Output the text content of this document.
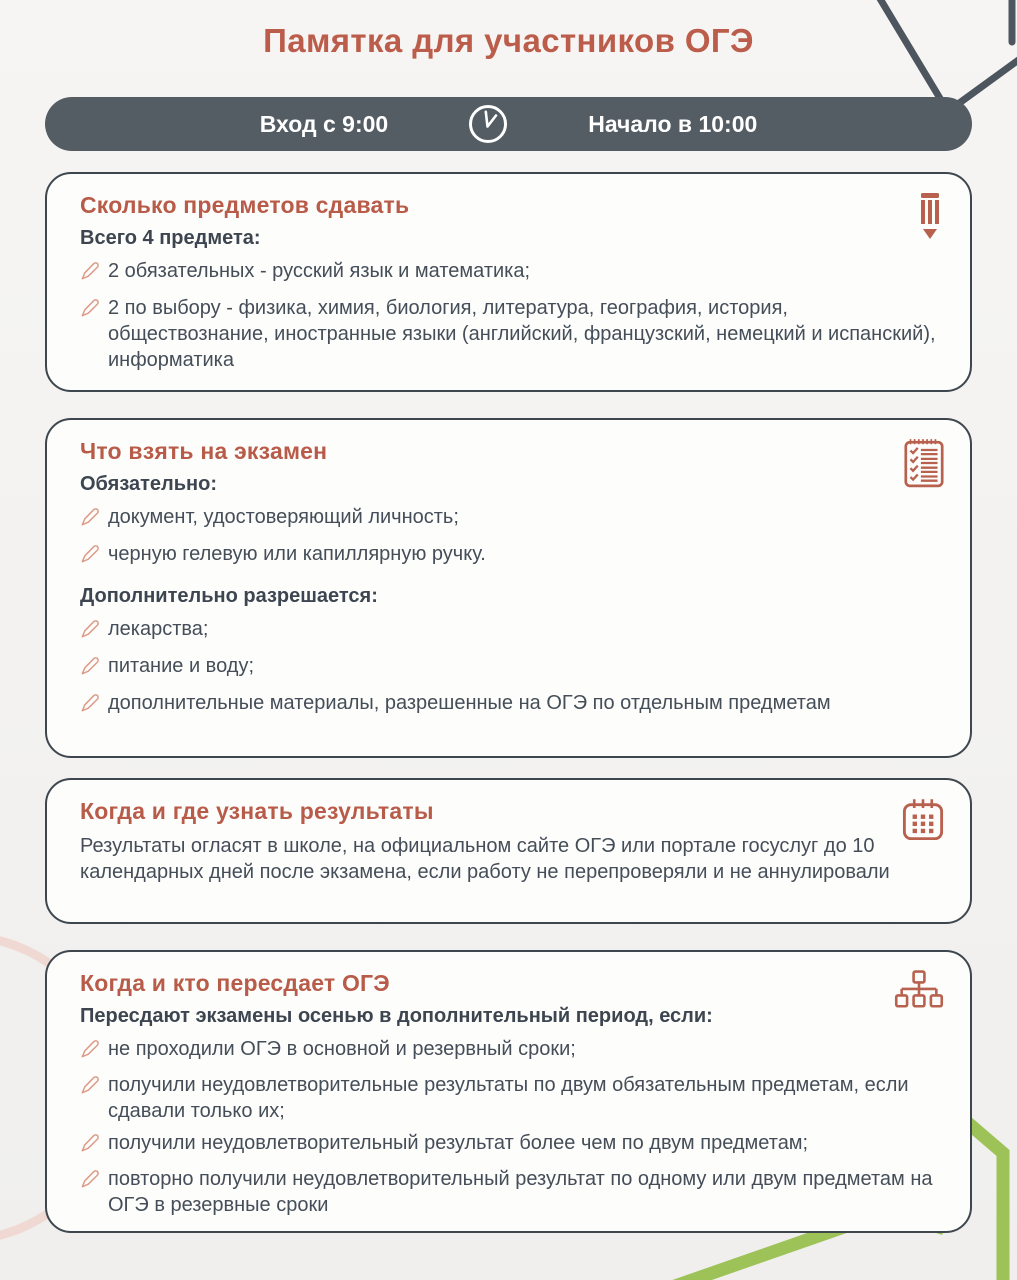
Памятка для участников ОГЭ
Вход с 9:00	Начало в 10:00
Сколько предметов сдавать
Всего 4 предмета:
2 обязательных - русский язык и математика;
2 по выбору - физика, химия, биология, литература, география, история, обществознание, иностранные языки (английский, французский, немецкий и испанский), информатика
Что взять на экзамен
Обязательно:
документ, удостоверяющий личность;
черную гелевую или капиллярную ручку.
Дополнительно разрешается:
лекарства;
питание и воду;
дополнительные материалы, разрешенные на ОГЭ по отдельным предметам
Когда и где узнать результаты

Результаты огласят в школе, на официальном сайте ОГЭ или портале госуслуг до 10 календарных дней после экзамена, если работу не перепроверяли и не аннулировали

Когда и кто пересдает ОГЭ
Пересдают экзамены осенью в дополнительный период, если:
не проходили ОГЭ в основной и резервный сроки;
получили неудовлетворительные результаты по двум обязательным предметам, если сдавали только их;
получили неудовлетворительный результат более чем по двум предметам;
повторно получили неудовлетворительный результат по одному или двум предметам на ОГЭ в резервные сроки
